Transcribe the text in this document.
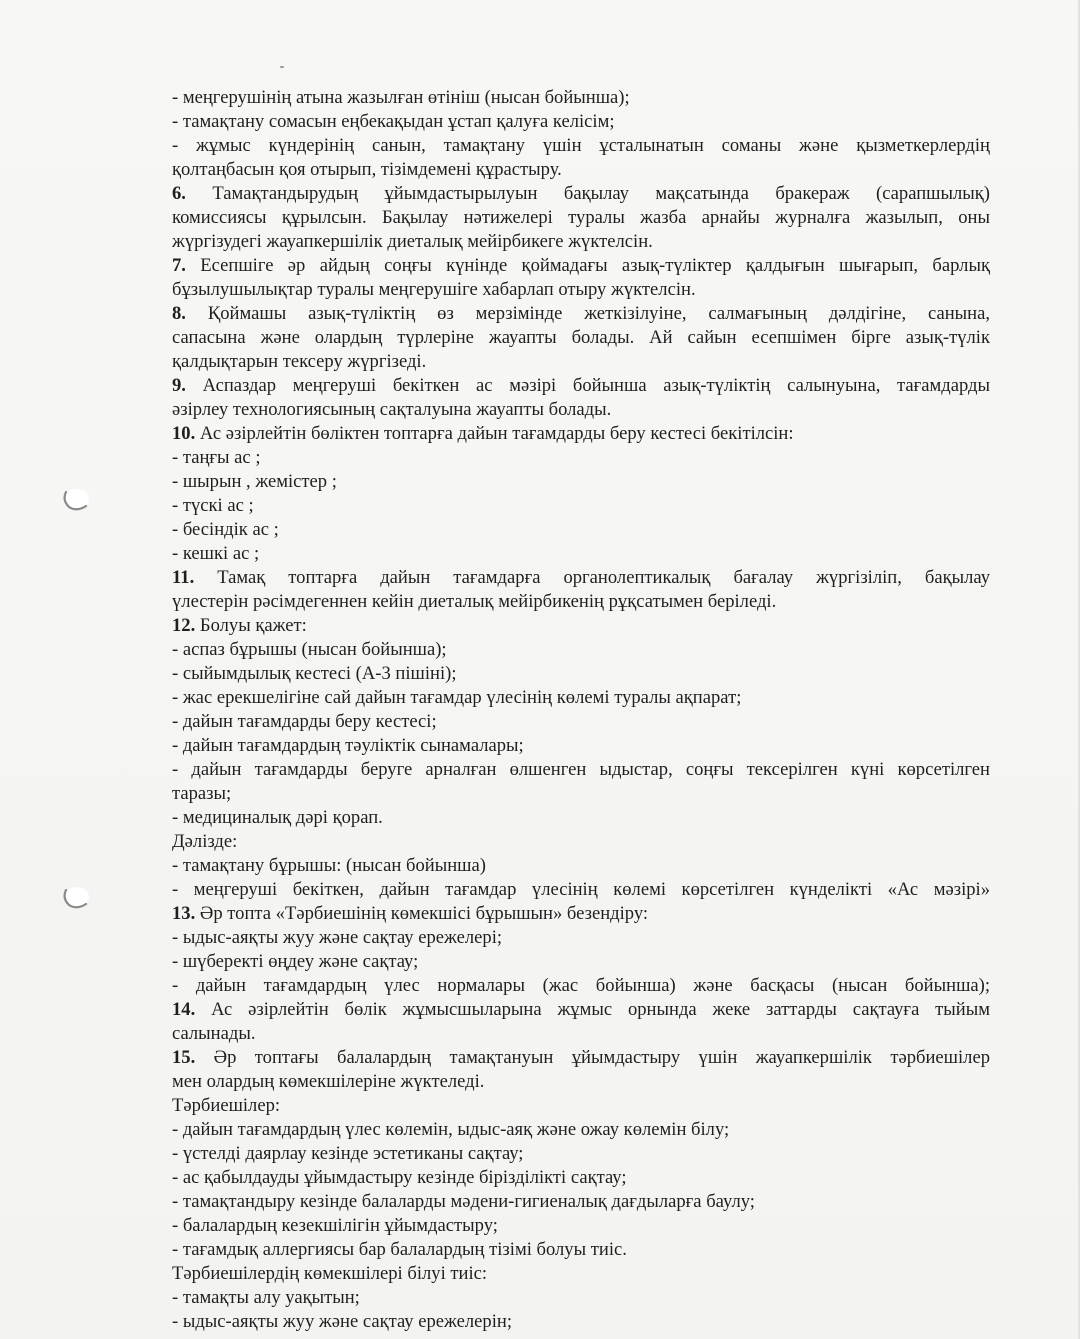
- меңгерушінің атына жазылған өтініш (нысан бойынша);
- тамақтану сомасын еңбекақыдан ұстап қалуға келісім;
- жұмыс күндерінің санын, тамақтану үшін ұсталынатын соманы және қызметкерлердің
қолтаңбасын қоя отырып, тізімдемені құрастыру.
6. Тамақтандырудың ұйымдастырылуын бақылау мақсатында бракераж (сарапшылық)
комиссиясы құрылсын. Бақылау нәтижелері туралы жазба арнайы журналға жазылып, оны
жүргізудегі жауапкершілік диеталық мейірбикеге жүктелсін.
7. Есепшіге әр айдың соңғы күнінде қоймадағы азық-түліктер қалдығын шығарып, барлық
бұзылушылықтар туралы меңгерушіге хабарлап отыру жүктелсін.
8. Қоймашы азық-түліктің өз мерзімінде жеткізілуіне, салмағының дәлдігіне, санына,
сапасына және олардың түрлеріне жауапты болады. Ай сайын есепшімен бірге азық-түлік
қалдықтарын тексеру жүргізеді.
9. Аспаздар меңгеруші бекіткен ас мәзірі бойынша азық-түліктің салынуына, тағамдарды
әзірлеу технологиясының сақталуына жауапты болады.
10. Ас әзірлейтін бөліктен топтарға дайын тағамдарды беру кестесі бекітілсін:
- таңғы ас ;
- шырын , жемістер ;
- түскі ас ;
- бесіндік ас ;
- кешкі ас ;
11. Тамақ топтарға дайын тағамдарға органолептикалық бағалау жүргізіліп, бақылау
үлестерін рәсімдегеннен кейін диеталық мейірбикенің рұқсатымен беріледі.
12. Болуы қажет:
- аспаз бұрышы (нысан бойынша);
- сыйымдылық кестесі (А-3 пішіні);
- жас ерекшелігіне сай дайын тағамдар үлесінің көлемі туралы ақпарат;
- дайын тағамдарды беру кестесі;
- дайын тағамдардың тәуліктік сынамалары;
- дайын тағамдарды беруге арналған өлшенген ыдыстар, соңғы тексерілген күні көрсетілген
таразы;
- медициналық дәрі қорап.
Дәлізде:
- тамақтану бұрышы: (нысан бойынша)
- меңгеруші бекіткен, дайын тағамдар үлесінің көлемі көрсетілген күнделікті «Ас мәзірі»
13. Әр топта «Тәрбиешінің көмекшісі бұрышын» безендіру:
- ыдыс-аяқты жуу және сақтау ережелері;
- шүберекті өңдеу және сақтау;
- дайын тағамдардың үлес нормалары (жас бойынша) және басқасы (нысан бойынша);
14. Ас әзірлейтін бөлік жұмысшыларына жұмыс орнында жеке заттарды сақтауға тыйым
салынады.
15. Әр топтағы балалардың тамақтануын ұйымдастыру үшін жауапкершілік тәрбиешілер
мен олардың көмекшілеріне жүктеледі.
Тәрбиешілер:
- дайын тағамдардың үлес көлемін, ыдыс-аяқ және ожау көлемін білу;
- үстелді даярлау кезінде эстетиканы сақтау;
- ас қабылдауды ұйымдастыру кезінде бірізділікті сақтау;
- тамақтандыру кезінде балаларды мәдени-гигиеналық дағдыларға баулу;
- балалардың кезекшілігін ұйымдастыру;
- тағамдық аллергиясы бар балалардың тізімі болуы тиіс.
Тәрбиешілердің көмекшілері білуі тиіс:
- тамақты алу уақытын;
- ыдыс-аяқты жуу және сақтау ережелерін;
